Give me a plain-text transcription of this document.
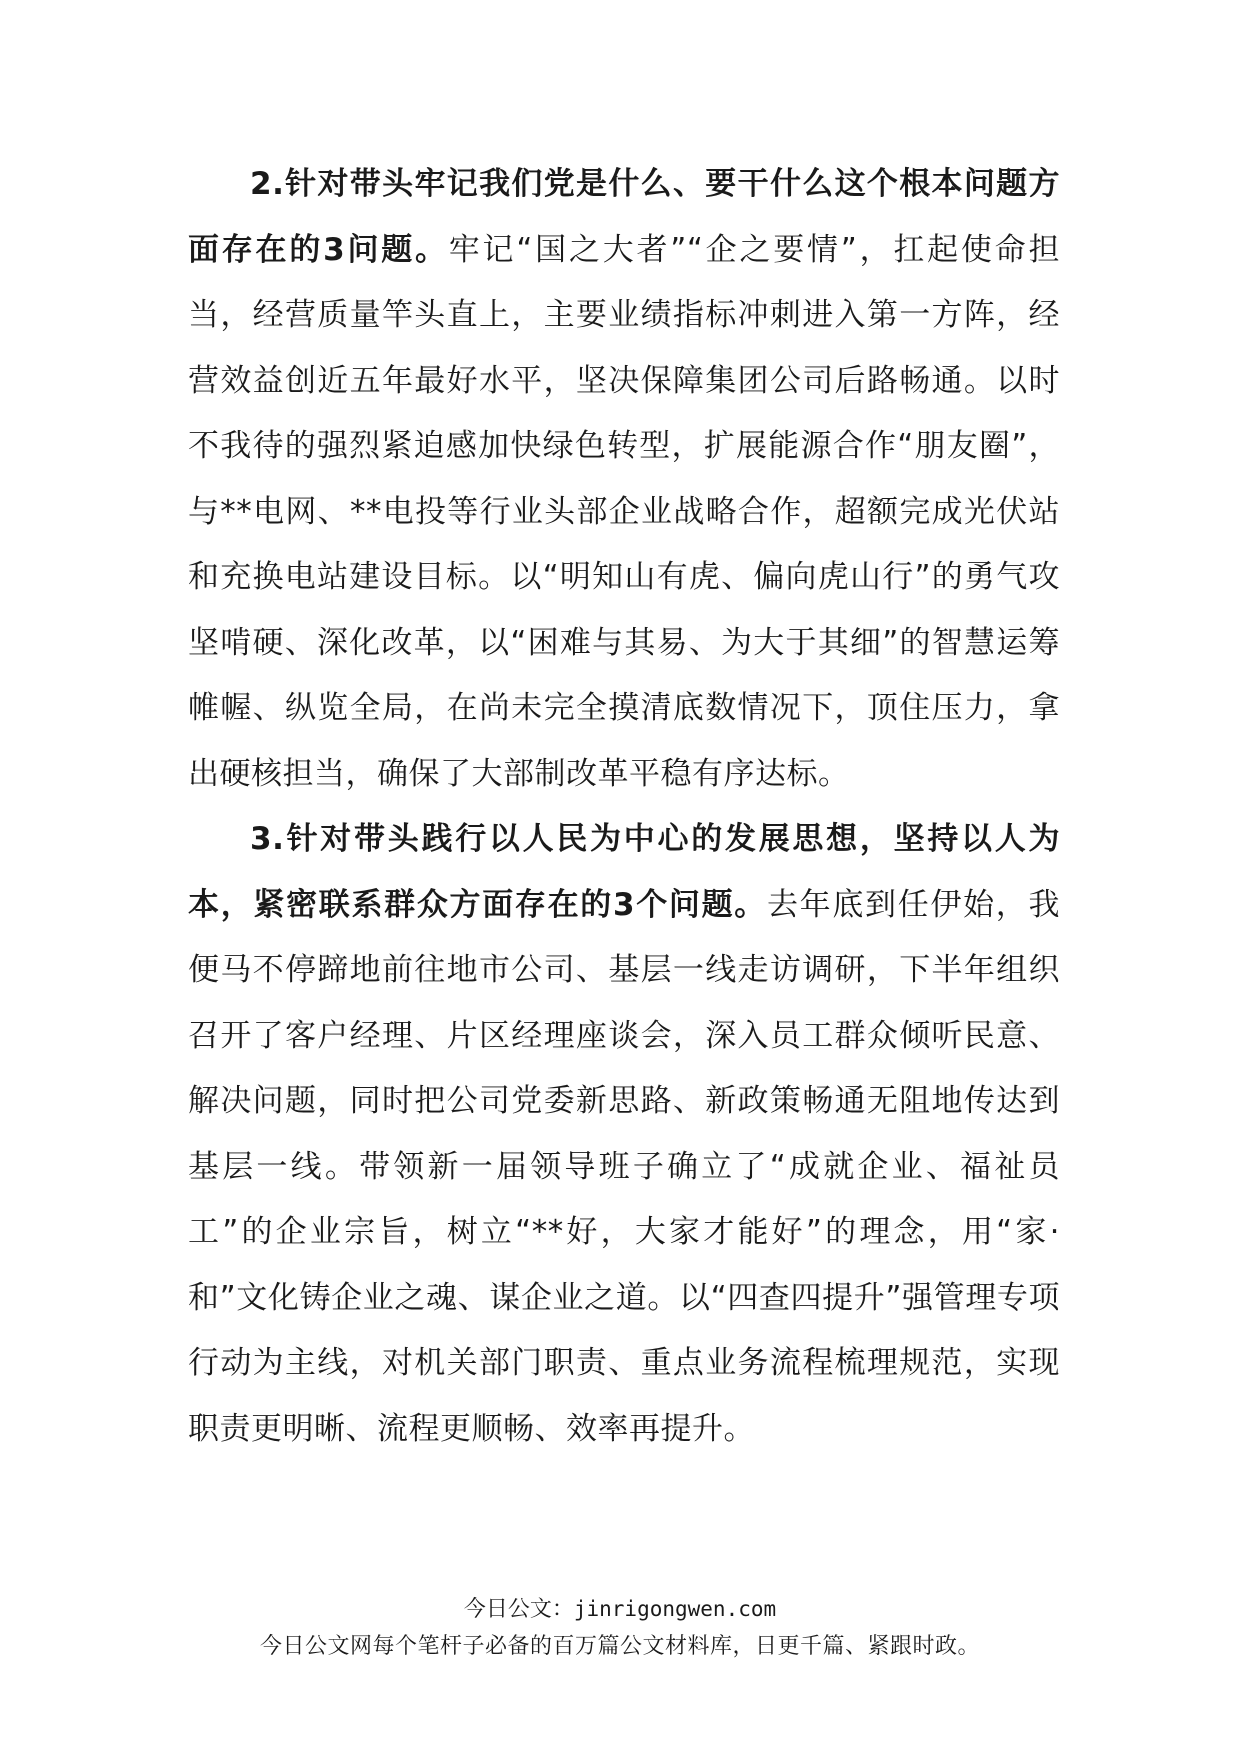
2.针对带头牢记我们党是什么、要干什么这个根本问题方面存在的3问题。牢记“国之大者”“企之要情”，扛起使命担当，经营质量竿头直上，主要业绩指标冲刺进入第一方阵，经营效益创近五年最好水平，坚决保障集团公司后路畅通。以时不我待的强烈紧迫感加快绿色转型，扩展能源合作“朋友圈”，与**电网、**电投等行业头部企业战略合作，超额完成光伏站和充换电站建设目标。以“明知山有虎、偏向虎山行”的勇气攻坚啃硬、深化改革，以“困难与其易、为大于其细”的智慧运筹帷幄、纵览全局，在尚未完全摸清底数情况下，顶住压力，拿出硬核担当，确保了大部制改革平稳有序达标。

3.针对带头践行以人民为中心的发展思想，坚持以人为本，紧密联系群众方面存在的3个问题。去年底到任伊始，我便马不停蹄地前往地市公司、基层一线走访调研，下半年组织召开了客户经理、片区经理座谈会，深入员工群众倾听民意、解决问题，同时把公司党委新思路、新政策畅通无阻地传达到基层一线。带领新一届领导班子确立了“成就企业、福祉员工”的企业宗旨，树立“**好，大家才能好”的理念，用“家·和”文化铸企业之魂、谋企业之道。以“四查四提升”强管理专项行动为主线，对机关部门职责、重点业务流程梳理规范，实现职责更明晰、流程更顺畅、效率再提升。

今日公文：jinrigongwen.com
今日公文网每个笔杆子必备的百万篇公文材料库，日更千篇、紧跟时政。
